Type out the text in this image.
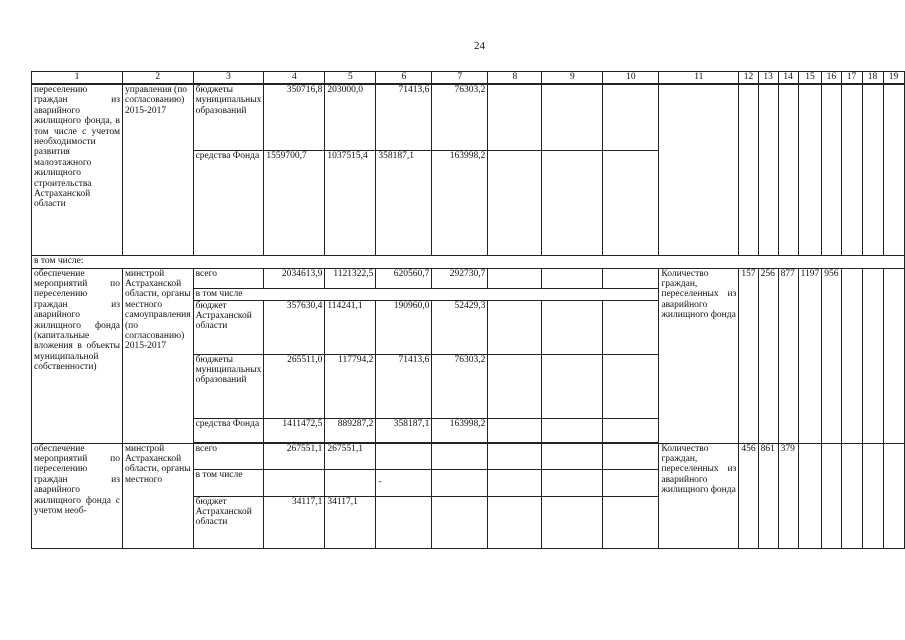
24
1	2	3	4	5	6	7	8	9	10	11	12	13	14	15	16	17	18	19
переселению граждан из аварийного жилищного фонда, в том числе с учетом необходимости развития малоэтажного жилищного строительства Астраханской области	управления (по согласованию) 2015-2017	бюджеты муниципальных образований	350716,8	203000,0	71413,6	76303,2												
		средства Фонда	1559700,7	1037515,4	358187,1	163998,2												
в том числе:																		
обеспечение мероприятий по переселению граждан из аварийного жилищного фонда (капитальные вложения в объекты муниципальной собственности)	минстрой Астраханской области, органы местного самоуправления (по согласованию) 2015-2017	всего	2034613,9	1121322,5	620560,7	292730,7				Количество граждан, переселенных из аварийного жилищного фонда	157	256	877	1197	956			
		в том числе																
		бюджет Астраханской области	357630,4	114241,1	190960,0	52429,3												
		бюджеты муниципальных образований	265511,0	117794,2	71413,6	76303,2												
		средства Фонда	1411472,5	889287,2	358187,1	163998,2												

обеспечение мероприятий по переселению граждан из аварийного жилищного фонда с учетом необ-	минстрой Астраханской области, органы местного	всего	267551,1	267551,1						Количество граждан, переселенных из аварийного жилищного фонда	456	861	379					
		в том числе			-													
		бюджет Астраханской области	34117,1	34117,1														
